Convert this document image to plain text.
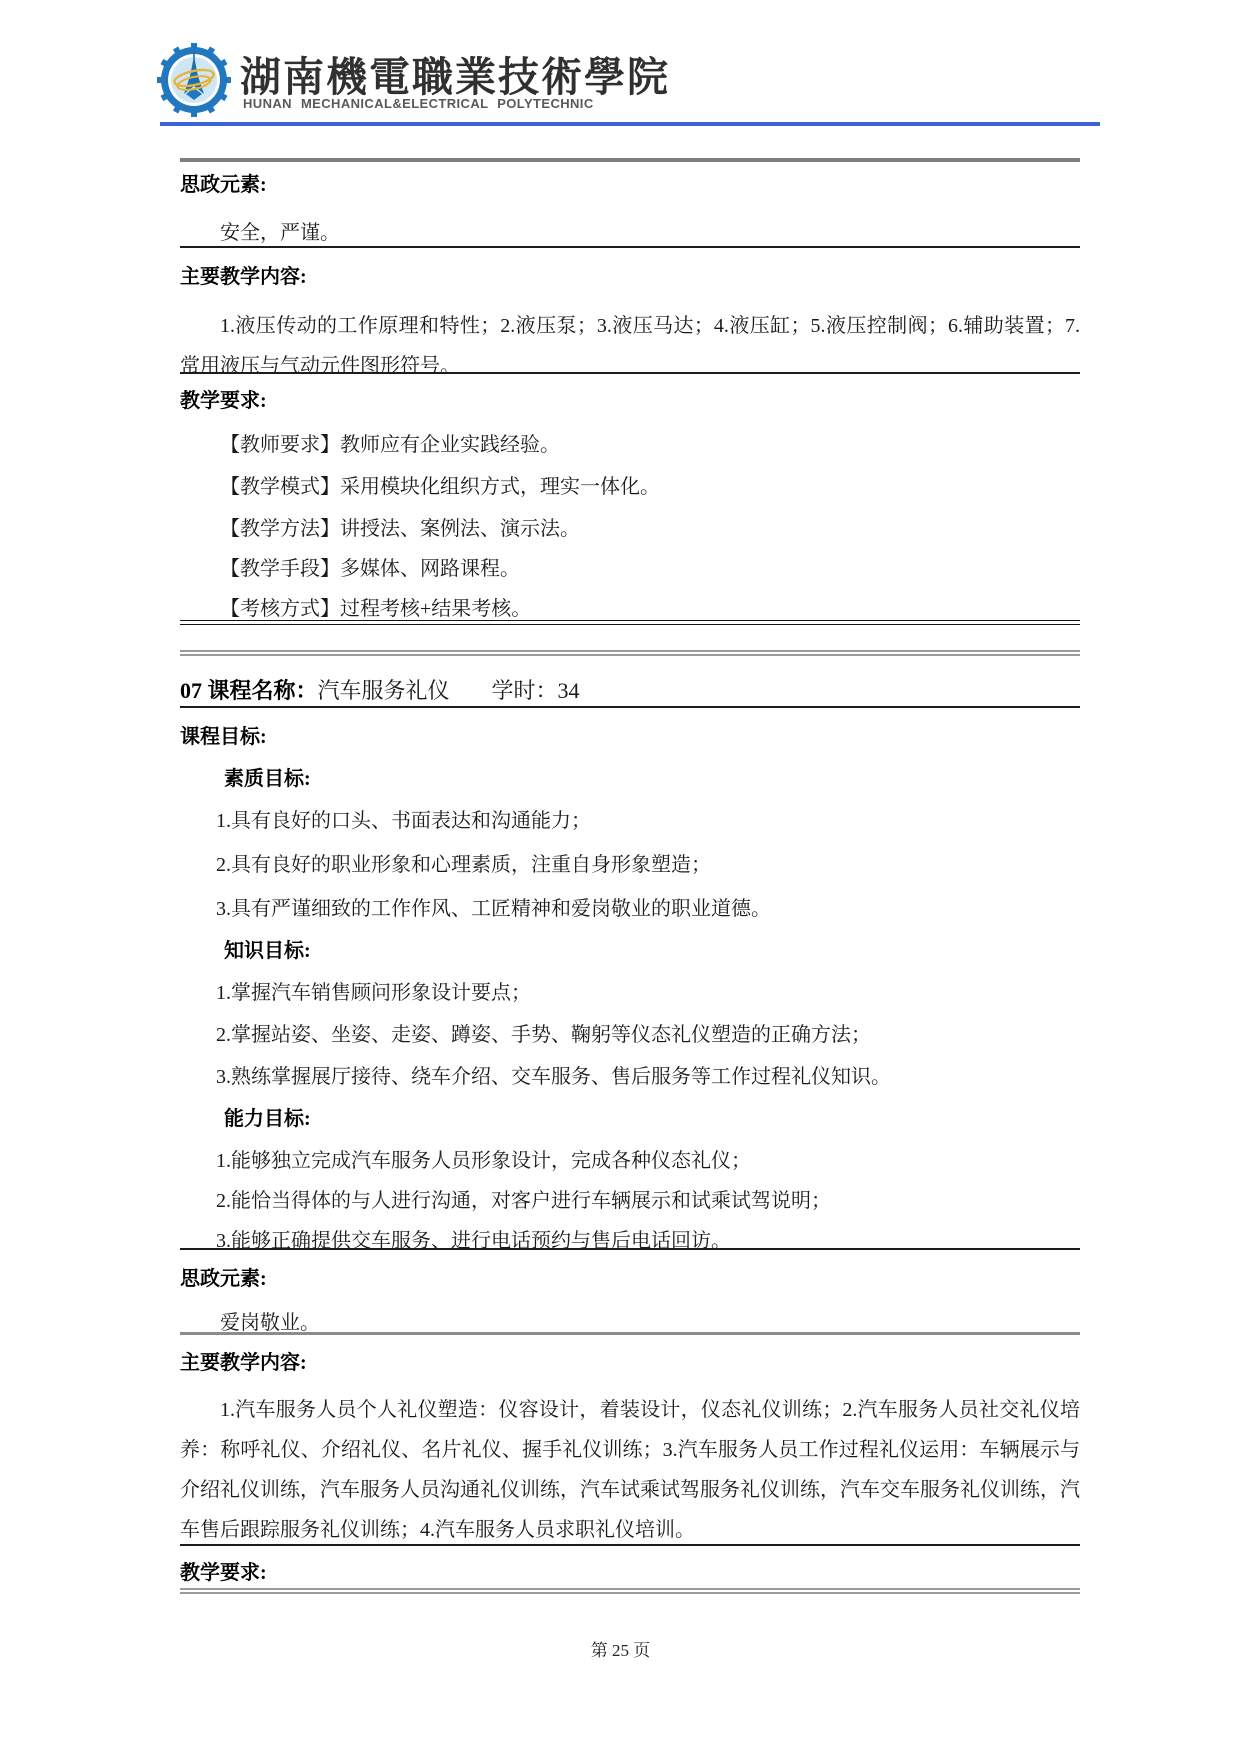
湖南機電職業技術學院
HUNAN MECHANICAL&ELECTRICAL POLYTECHNIC
思政元素:
安全，严谨。
主要教学内容:
1.液压传动的工作原理和特性；2.液压泵；3.液压马达；4.液压缸；5.液压控制阀；6.辅助装置；7.常用液压与气动元件图形符号。
教学要求:
【教师要求】教师应有企业实践经验。
【教学模式】采用模块化组织方式，理实一体化。
【教学方法】讲授法、案例法、演示法。
【教学手段】多媒体、网路课程。
【考核方式】过程考核+结果考核。
07 课程名称：汽车服务礼仪 学时：34
课程目标:
素质目标:
1.具有良好的口头、书面表达和沟通能力；
2.具有良好的职业形象和心理素质，注重自身形象塑造；
3.具有严谨细致的工作作风、工匠精神和爱岗敬业的职业道德。
知识目标:
1.掌握汽车销售顾问形象设计要点；
2.掌握站姿、坐姿、走姿、蹲姿、手势、鞠躬等仪态礼仪塑造的正确方法；
3.熟练掌握展厅接待、绕车介绍、交车服务、售后服务等工作过程礼仪知识。
能力目标:
1.能够独立完成汽车服务人员形象设计，完成各种仪态礼仪；
2.能恰当得体的与人进行沟通，对客户进行车辆展示和试乘试驾说明；
3.能够正确提供交车服务、进行电话预约与售后电话回访。
思政元素:
爱岗敬业。
主要教学内容:
1.汽车服务人员个人礼仪塑造：仪容设计，着装设计，仪态礼仪训练；2.汽车服务人员社交礼仪培养：称呼礼仪、介绍礼仪、名片礼仪、握手礼仪训练；3.汽车服务人员工作过程礼仪运用：车辆展示与介绍礼仪训练，汽车服务人员沟通礼仪训练，汽车试乘试驾服务礼仪训练，汽车交车服务礼仪训练，汽车售后跟踪服务礼仪训练；4.汽车服务人员求职礼仪培训。
教学要求:
第 25 页
